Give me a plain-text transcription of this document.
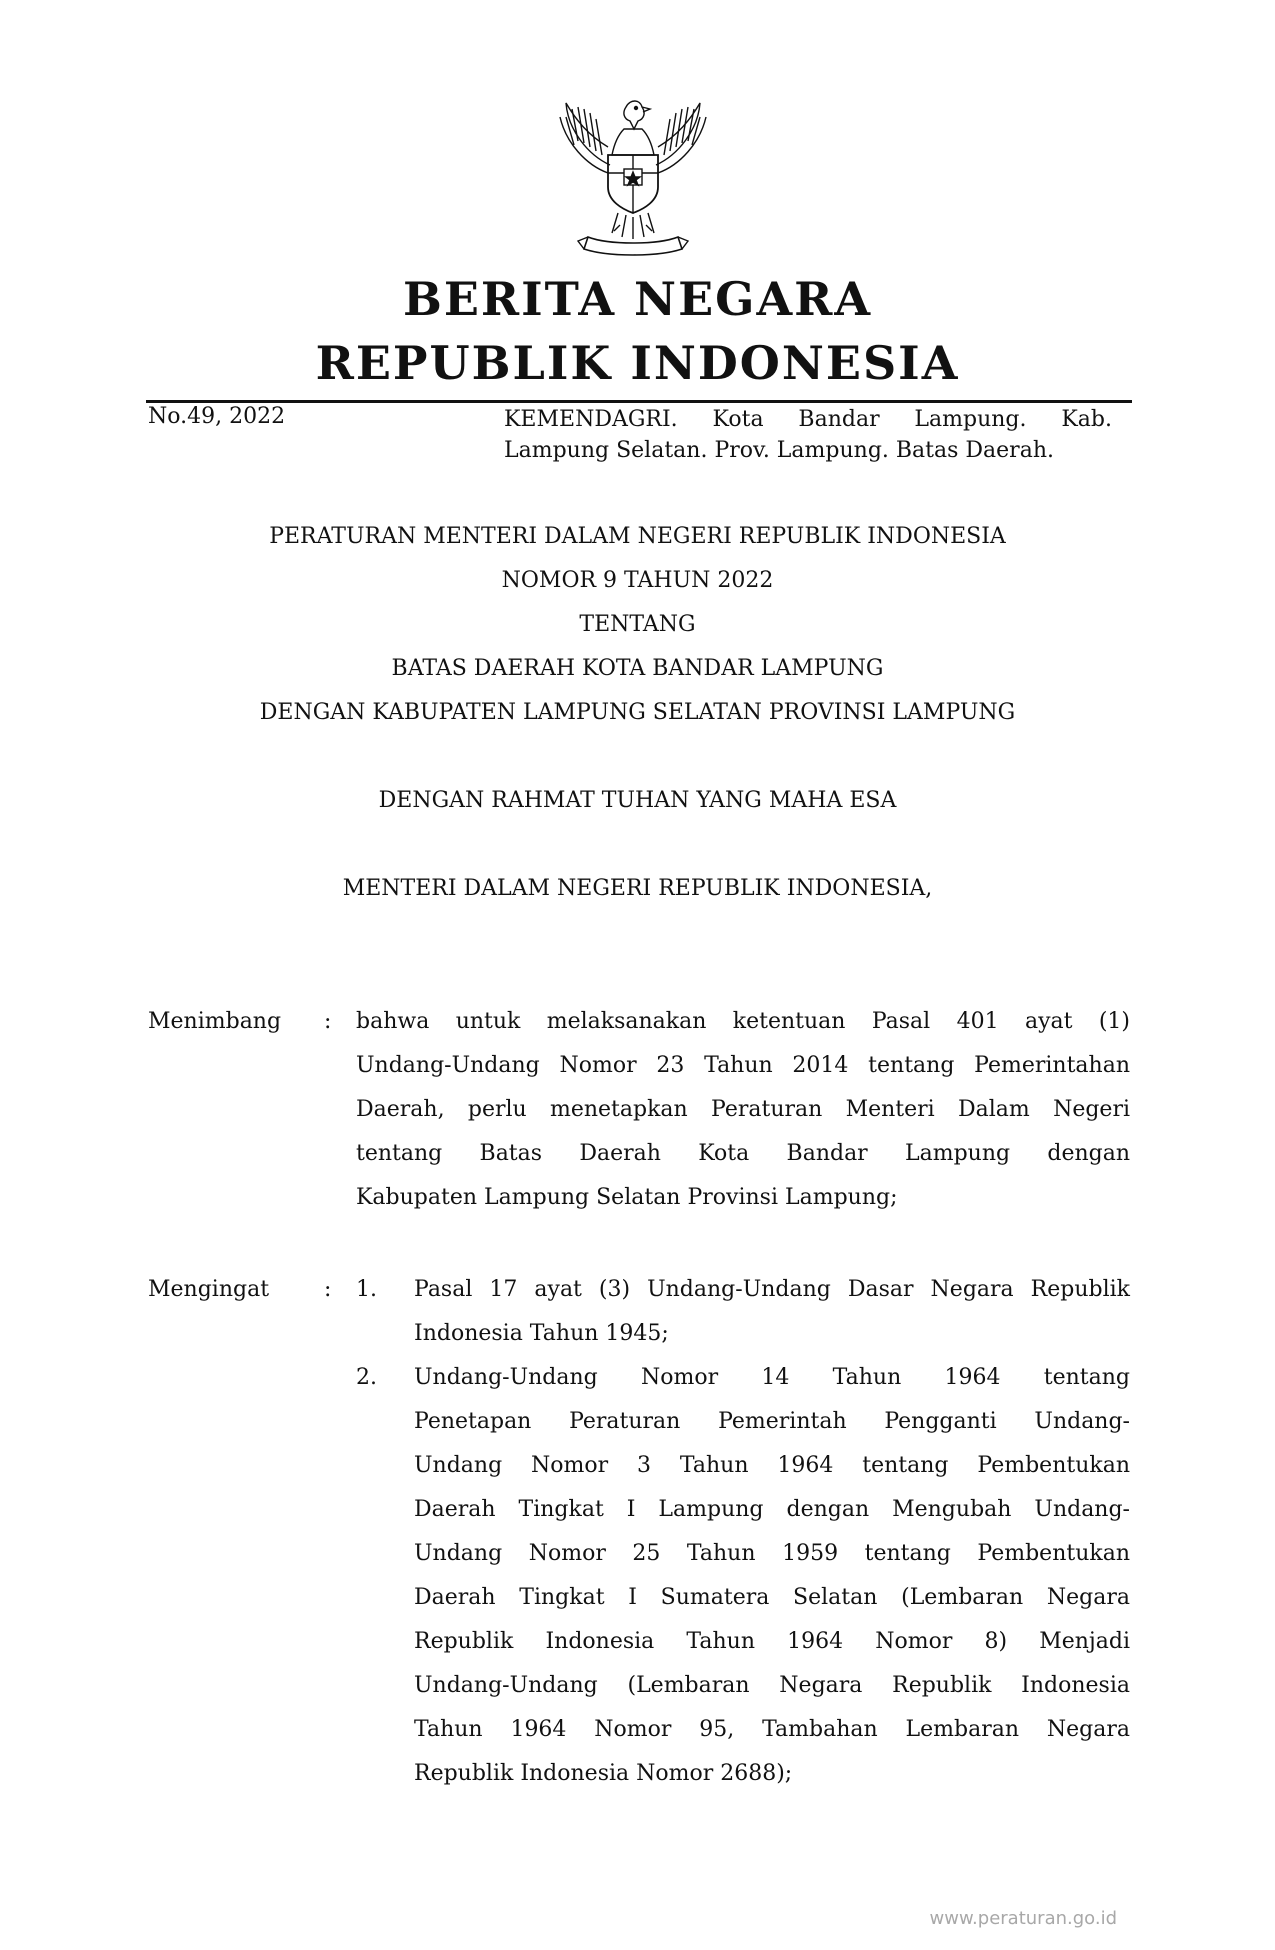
BERITA NEGARA
REPUBLIK INDONESIA
No.49, 2022	KEMENDAGRI. Kota Bandar Lampung. Kab.
Lampung Selatan. Prov. Lampung. Batas Daerah.
PERATURAN MENTERI DALAM NEGERI REPUBLIK INDONESIA
NOMOR 9 TAHUN 2022
TENTANG
BATAS DAERAH KOTA BANDAR LAMPUNG
DENGAN KABUPATEN LAMPUNG SELATAN PROVINSI LAMPUNG
DENGAN RAHMAT TUHAN YANG MAHA ESA
MENTERI DALAM NEGERI REPUBLIK INDONESIA,
Menimbang : bahwa untuk melaksanakan ketentuan Pasal 401 ayat (1)
Undang-Undang Nomor 23 Tahun 2014 tentang Pemerintahan
Daerah, perlu menetapkan Peraturan Menteri Dalam Negeri
tentang Batas Daerah Kota Bandar Lampung dengan
Kabupaten Lampung Selatan Provinsi Lampung;
Mengingat : 1. Pasal 17 ayat (3) Undang-Undang Dasar Negara Republik
Indonesia Tahun 1945;
2. Undang-Undang Nomor 14 Tahun 1964 tentang
Penetapan Peraturan Pemerintah Pengganti Undang-
Undang Nomor 3 Tahun 1964 tentang Pembentukan
Daerah Tingkat I Lampung dengan Mengubah Undang-
Undang Nomor 25 Tahun 1959 tentang Pembentukan
Daerah Tingkat I Sumatera Selatan (Lembaran Negara
Republik Indonesia Tahun 1964 Nomor 8) Menjadi
Undang-Undang (Lembaran Negara Republik Indonesia
Tahun 1964 Nomor 95, Tambahan Lembaran Negara
Republik Indonesia Nomor 2688);
www.peraturan.go.id
